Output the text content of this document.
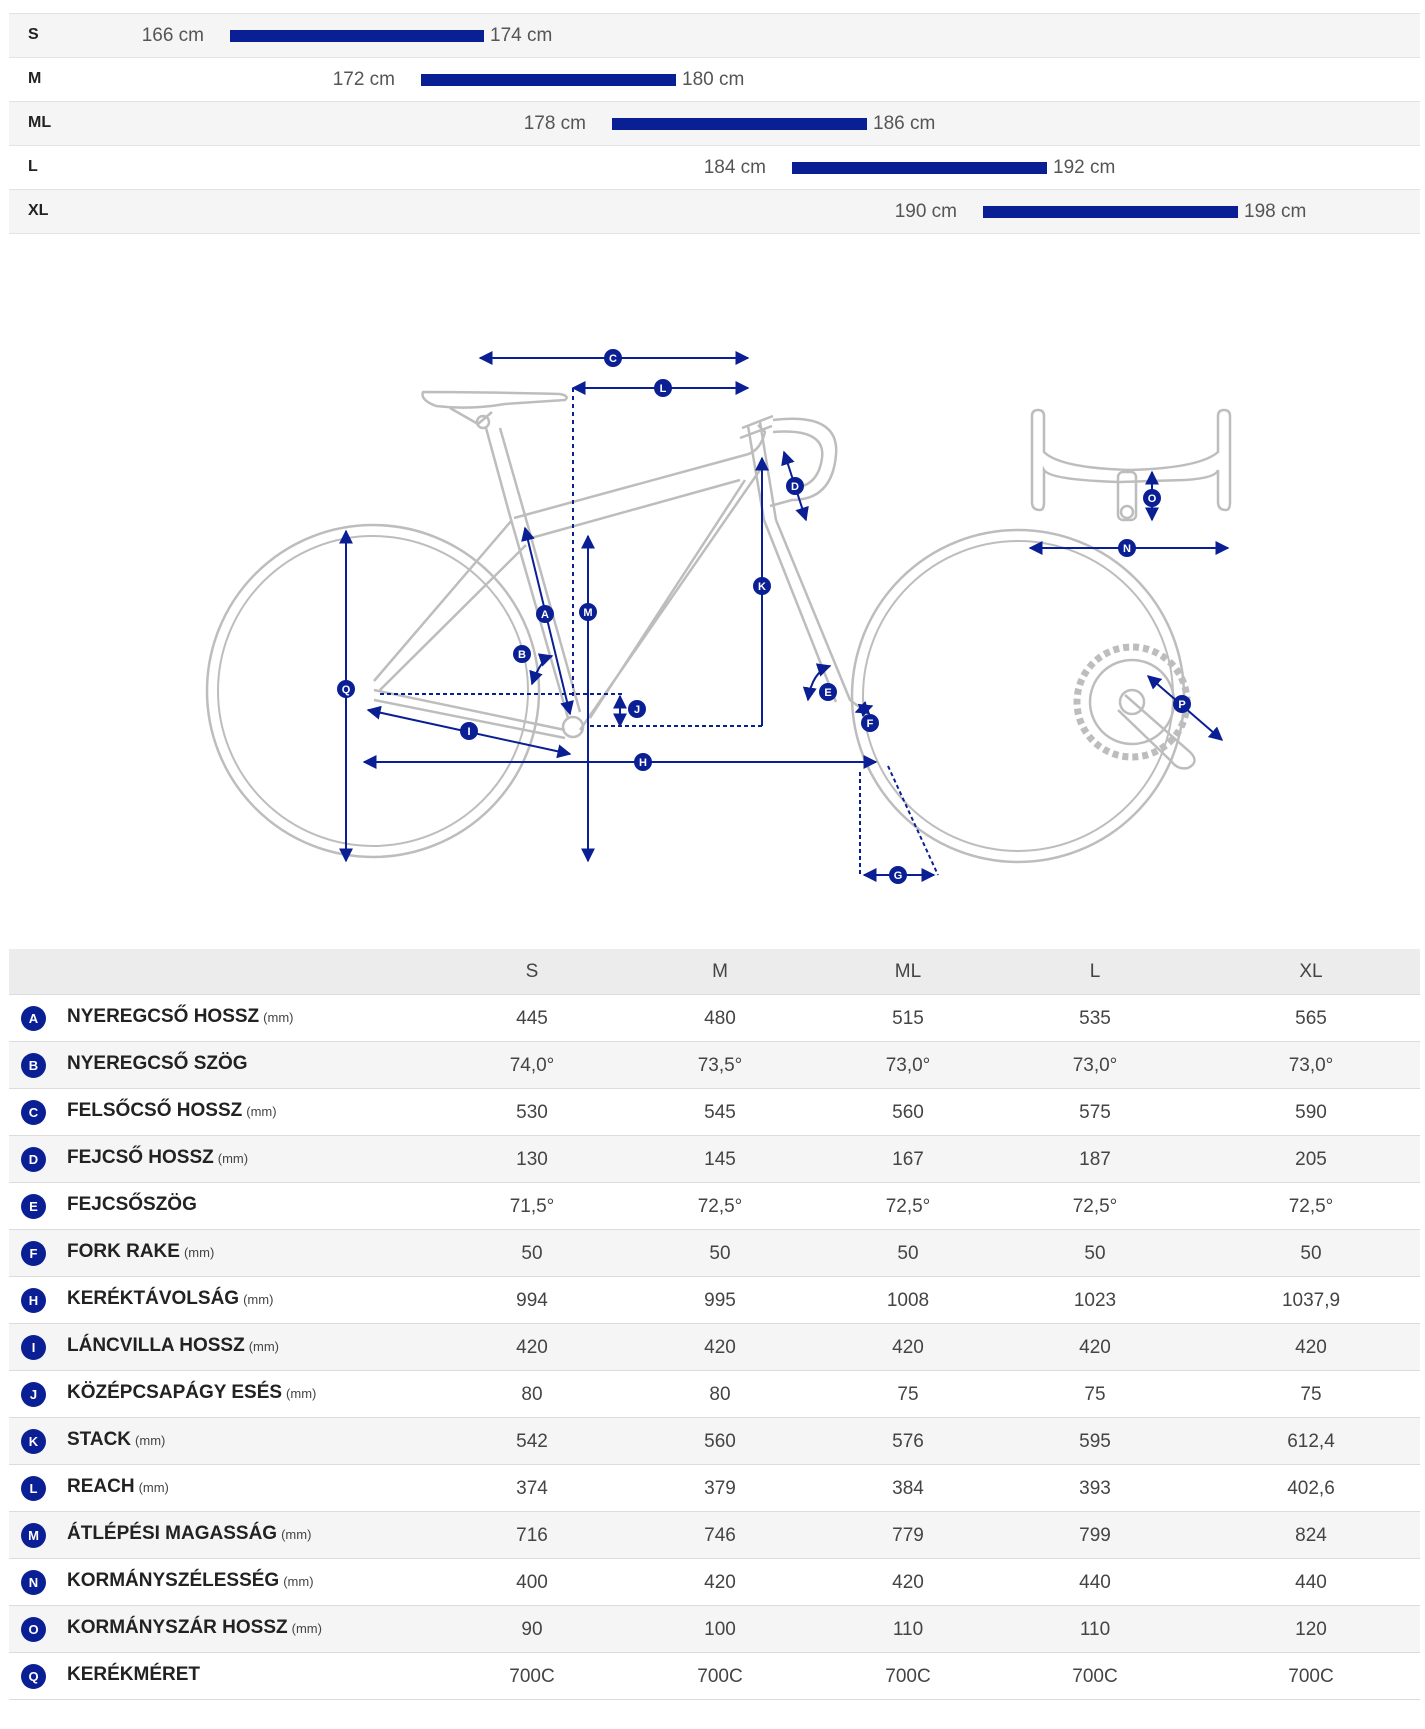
S	166 cm	174 cm
M	172 cm	180 cm
ML	178 cm	186 cm
L	184 cm	192 cm
XL	190 cm	198 cm
C
L
D
O
N
K
A	M
B
Q	E
J	P
F
I
H
G
S	M	ML	L	XL
A	NYEREGCSŐ HOSSZ (mm)	445	480	515	535	565
B	NYEREGCSŐ SZÖG	74,0°	73,5°	73,0°	73,0°	73,0°
C	FELSŐCSŐ HOSSZ (mm)	530	545	560	575	590
D	FEJCSŐ HOSSZ (mm)	130	145	167	187	205
E	FEJCSŐSZÖG	71,5°	72,5°	72,5°	72,5°	72,5°
F	FORK RAKE (mm)	50	50	50	50	50
H	KERÉKTÁVOLSÁG (mm)	994	995	1008	1023	1037,9
I	LÁNCVILLA HOSSZ (mm)	420	420	420	420	420
J	KÖZÉPCSAPÁGY ESÉS (mm)	80	80	75	75	75
K	STACK (mm)	542	560	576	595	612,4
L	REACH (mm)	374	379	384	393	402,6
M	ÁTLÉPÉSI MAGASSÁG (mm)	716	746	779	799	824
N	KORMÁNYSZÉLESSÉG (mm)	400	420	420	440	440
O	KORMÁNYSZÁR HOSSZ (mm)	90	100	110	110	120
Q	KERÉKMÉRET	700C	700C	700C	700C	700C
